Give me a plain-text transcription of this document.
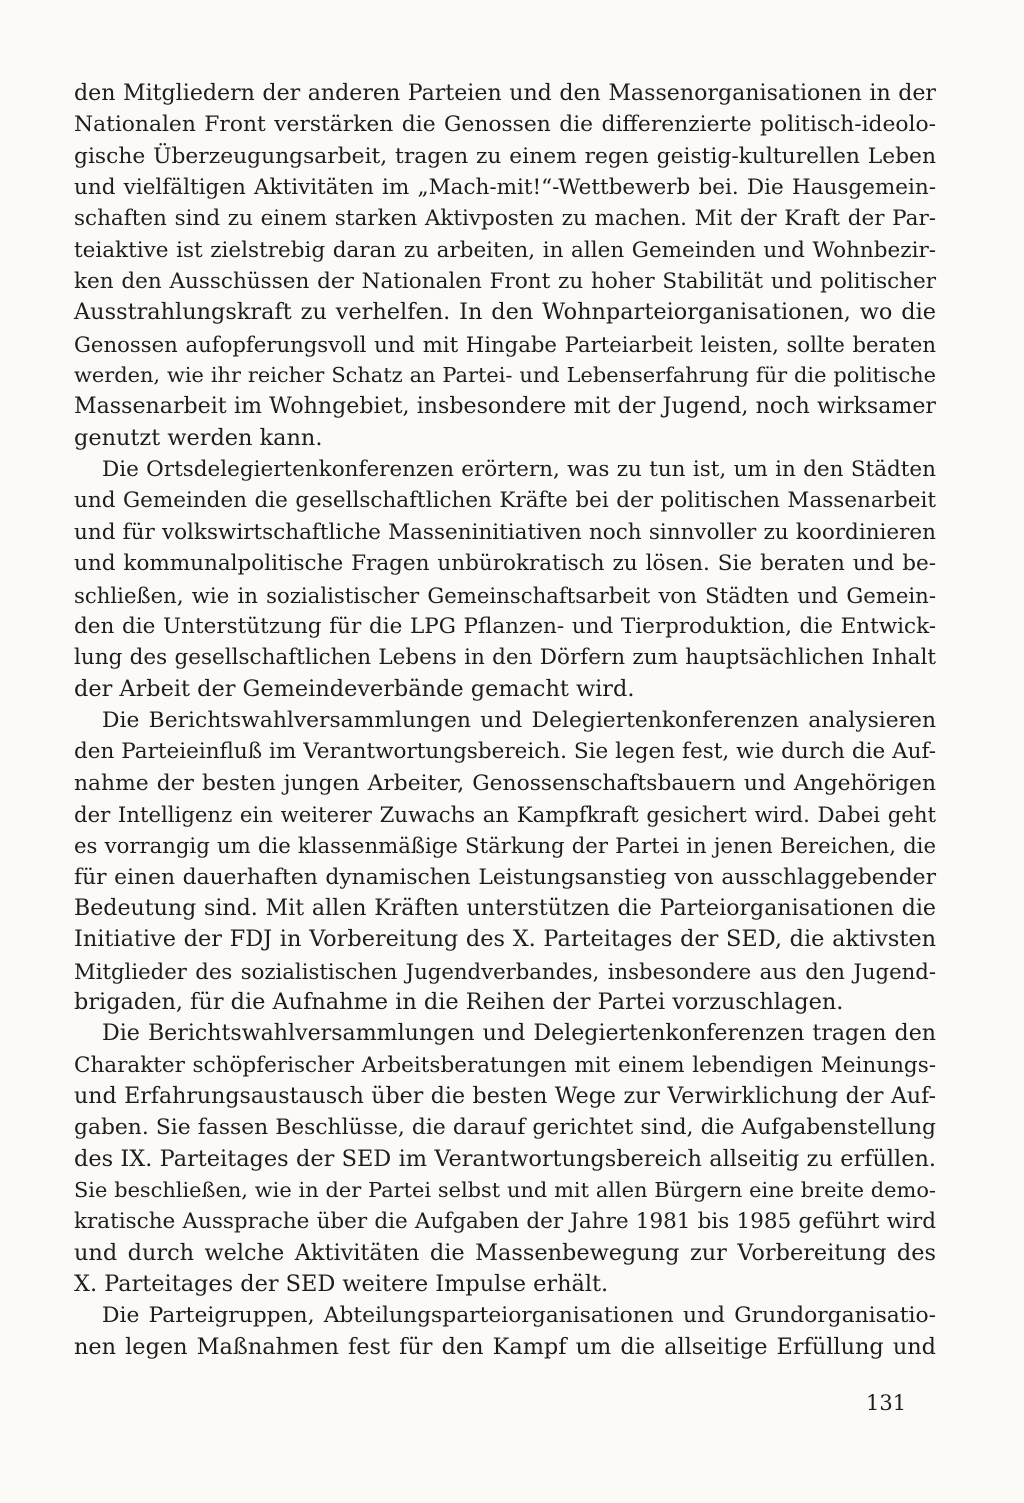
den Mitgliedern der anderen Parteien und den Massenorganisationen in der
Nationalen Front verstärken die Genossen die differenzierte politisch-ideolo-
gische Überzeugungsarbeit, tragen zu einem regen geistig-kulturellen Leben
und vielfältigen Aktivitäten im „Mach-mit!“-Wettbewerb bei. Die Hausgemein-
schaften sind zu einem starken Aktivposten zu machen. Mit der Kraft der Par-
teiaktive ist zielstrebig daran zu arbeiten, in allen Gemeinden und Wohnbezir-
ken den Ausschüssen der Nationalen Front zu hoher Stabilität und politischer
Ausstrahlungskraft zu verhelfen. In den Wohnparteiorganisationen, wo die
Genossen aufopferungsvoll und mit Hingabe Parteiarbeit leisten, sollte beraten
werden, wie ihr reicher Schatz an Partei- und Lebenserfahrung für die politische
Massenarbeit im Wohngebiet, insbesondere mit der Jugend, noch wirksamer
genutzt werden kann.
Die Ortsdelegiertenkonferenzen erörtern, was zu tun ist, um in den Städten
und Gemeinden die gesellschaftlichen Kräfte bei der politischen Massenarbeit
und für volkswirtschaftliche Masseninitiativen noch sinnvoller zu koordinieren
und kommunalpolitische Fragen unbürokratisch zu lösen. Sie beraten und be-
schließen, wie in sozialistischer Gemeinschaftsarbeit von Städten und Gemein-
den die Unterstützung für die LPG Pflanzen- und Tierproduktion, die Entwick-
lung des gesellschaftlichen Lebens in den Dörfern zum hauptsächlichen Inhalt
der Arbeit der Gemeindeverbände gemacht wird.
Die Berichtswahlversammlungen und Delegiertenkonferenzen analysieren
den Parteieinfluß im Verantwortungsbereich. Sie legen fest, wie durch die Auf-
nahme der besten jungen Arbeiter, Genossenschaftsbauern und Angehörigen
der Intelligenz ein weiterer Zuwachs an Kampfkraft gesichert wird. Dabei geht
es vorrangig um die klassenmäßige Stärkung der Partei in jenen Bereichen, die
für einen dauerhaften dynamischen Leistungsanstieg von ausschlaggebender
Bedeutung sind. Mit allen Kräften unterstützen die Parteiorganisationen die
Initiative der FDJ in Vorbereitung des X. Parteitages der SED, die aktivsten
Mitglieder des sozialistischen Jugendverbandes, insbesondere aus den Jugend-
brigaden, für die Aufnahme in die Reihen der Partei vorzuschlagen.
Die Berichtswahlversammlungen und Delegiertenkonferenzen tragen den
Charakter schöpferischer Arbeitsberatungen mit einem lebendigen Meinungs-
und Erfahrungsaustausch über die besten Wege zur Verwirklichung der Auf-
gaben. Sie fassen Beschlüsse, die darauf gerichtet sind, die Aufgabenstellung
des IX. Parteitages der SED im Verantwortungsbereich allseitig zu erfüllen.
Sie beschließen, wie in der Partei selbst und mit allen Bürgern eine breite demo-
kratische Aussprache über die Aufgaben der Jahre 1981 bis 1985 geführt wird
und durch welche Aktivitäten die Massenbewegung zur Vorbereitung des
X. Parteitages der SED weitere Impulse erhält.
Die Parteigruppen, Abteilungsparteiorganisationen und Grundorganisatio-
nen legen Maßnahmen fest für den Kampf um die allseitige Erfüllung und
131
